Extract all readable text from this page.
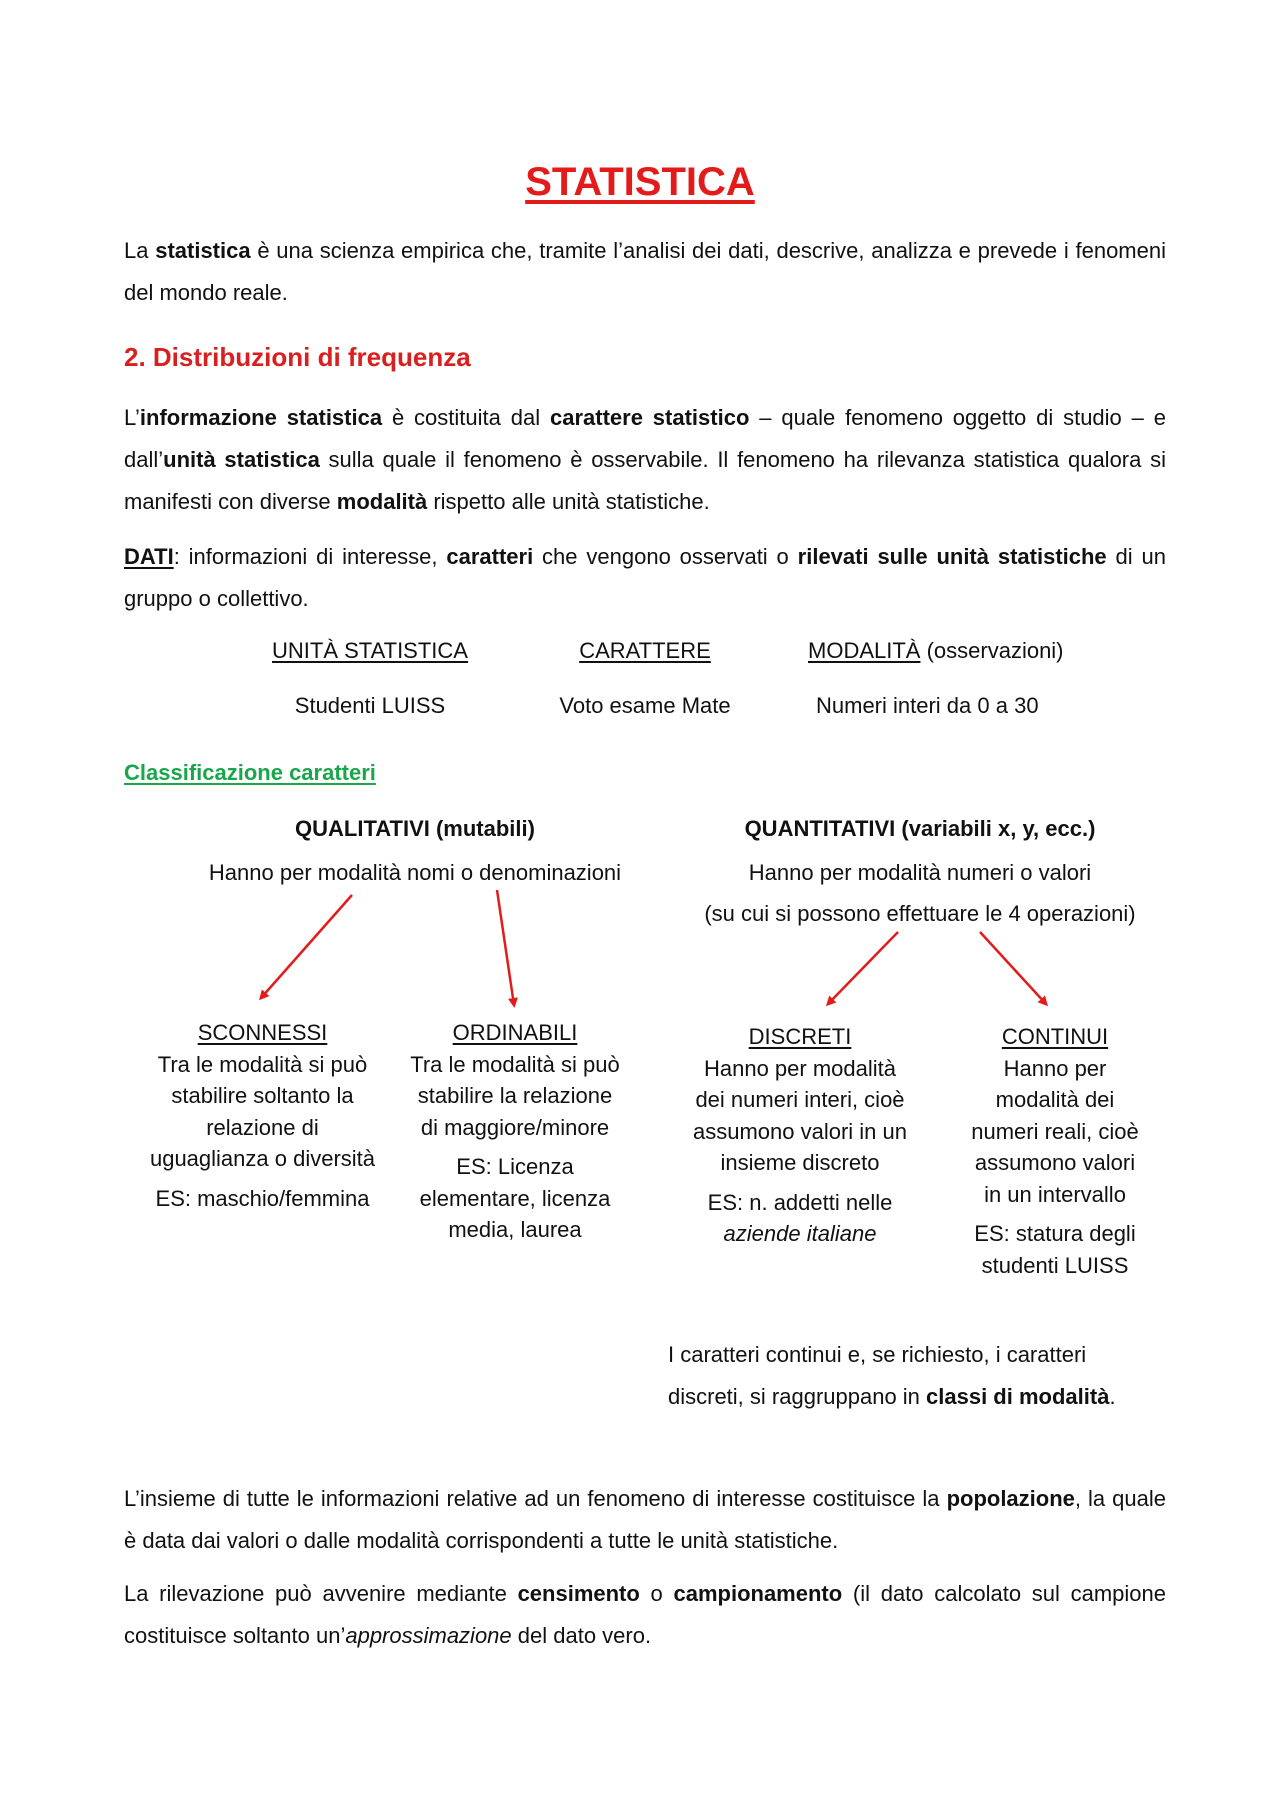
STATISTICA
La statistica è una scienza empirica che, tramite l’analisi dei dati, descrive, analizza e prevede i fenomeni del mondo reale.
2. Distribuzioni di frequenza
L’informazione statistica è costituita dal carattere statistico – quale fenomeno oggetto di studio – e dall’unità statistica sulla quale il fenomeno è osservabile. Il fenomeno ha rilevanza statistica qualora si manifesti con diverse modalità rispetto alle unità statistiche.
DATI: informazioni di interesse, caratteri che vengono osservati o rilevati sulle unità statistiche di un gruppo o collettivo.
UNITÀ STATISTICA	CARATTERE	MODALITÀ (osservazioni)
Studenti LUISS	Voto esame Mate	Numeri interi da 0 a 30
Classificazione caratteri
QUALITATIVI (mutabili)
Hanno per modalità nomi o denominazioni
QUANTITATIVI (variabili x, y, ecc.)
Hanno per modalità numeri o valori
(su cui si possono effettuare le 4 operazioni)
SCONNESSI
Tra le modalità si può
stabilire soltanto la
relazione di
uguaglianza o diversità
ES: maschio/femmina
ORDINABILI
Tra le modalità si può
stabilire la relazione
di maggiore/minore
ES: Licenza
elementare, licenza
media, laurea
DISCRETI
Hanno per modalità
dei numeri interi, cioè
assumono valori in un
insieme discreto
ES: n. addetti nelle
aziende italiane
CONTINUI
Hanno per
modalità dei
numeri reali, cioè
assumono valori
in un intervallo
ES: statura degli
studenti LUISS
I caratteri continui e, se richiesto, i caratteri
discreti, si raggruppano in classi di modalità.
L’insieme di tutte le informazioni relative ad un fenomeno di interesse costituisce la popolazione, la quale è data dai valori o dalle modalità corrispondenti a tutte le unità statistiche.
La rilevazione può avvenire mediante censimento o campionamento (il dato calcolato sul campione costituisce soltanto un’approssimazione del dato vero.
